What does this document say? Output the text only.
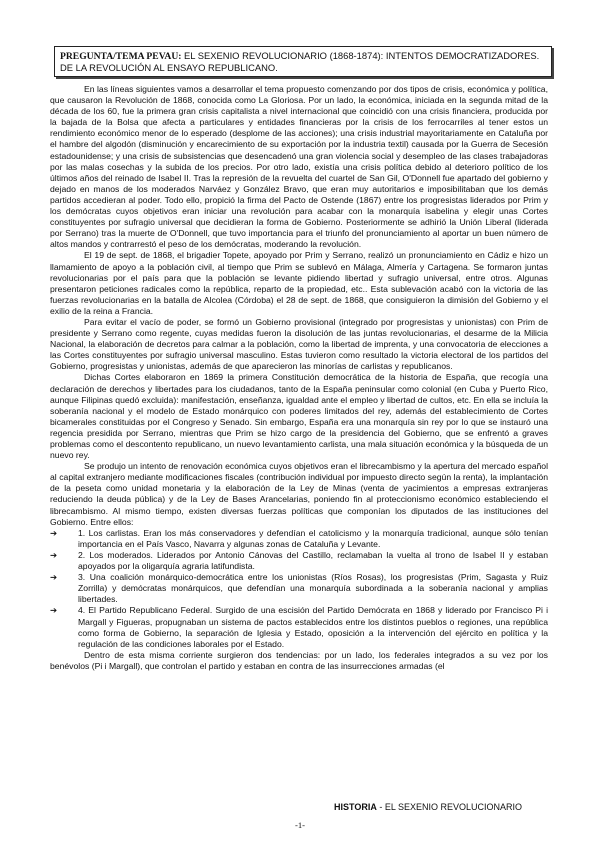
PREGUNTA/TEMA PEVAU: EL SEXENIO REVOLUCIONARIO (1868-1874): INTENTOS DEMOCRATIZADORES. DE LA REVOLUCIÓN AL ENSAYO REPUBLICANO.

En las líneas siguientes vamos a desarrollar el tema propuesto comenzando por dos tipos de crisis, económica y política, que causaron la Revolución de 1868, conocida como La Gloriosa. Por un lado, la económica, iniciada en la segunda mitad de la década de los 60, fue la primera gran crisis capitalista a nivel internacional que coincidió con una crisis financiera, producida por la bajada de la Bolsa que afecta a particulares y entidades financieras por la crisis de los ferrocarriles al tener estos un rendimiento económico menor de lo esperado (desplome de las acciones); una crisis industrial mayoritariamente en Cataluña por el hambre del algodón (disminución y encarecimiento de su exportación por la industria textil) causada por la Guerra de Secesión estadounidense; y una crisis de subsistencias que desencadenó una gran violencia social y desempleo de las clases trabajadoras por las malas cosechas y la subida de los precios. Por otro lado, existía una crisis política debido al deterioro político de los últimos años del reinado de Isabel II. Tras la represión de la revuelta del cuartel de San Gil, O'Donnell fue apartado del gobierno y dejado en manos de los moderados Narváez y González Bravo, que eran muy autoritarios e imposibilitaban que los demás partidos accedieran al poder. Todo ello, propició la firma del Pacto de Ostende (1867) entre los progresistas liderados por Prim y los demócratas cuyos objetivos eran iniciar una revolución para acabar con la monarquía isabelina y elegir unas Cortes constituyentes por sufragio universal que decidieran la forma de Gobierno. Posteriormente se adhirió la Unión Liberal (liderada por Serrano) tras la muerte de O'Donnell, que tuvo importancia para el triunfo del pronunciamiento al aportar un buen número de altos mandos y contrarrestó el peso de los demócratas, moderando la revolución.

El 19 de sept. de 1868, el brigadier Topete, apoyado por Prim y Serrano, realizó un pronunciamiento en Cádiz e hizo un llamamiento de apoyo a la población civil, al tiempo que Prim se sublevó en Málaga, Almería y Cartagena. Se formaron juntas revolucionarias por el país para que la población se levante pidiendo libertad y sufragio universal, entre otros. Algunas presentaron peticiones radicales como la república, reparto de la propiedad, etc.. Esta sublevación acabó con la victoria de las fuerzas revolucionarias en la batalla de Alcolea (Córdoba) el 28 de sept. de 1868, que consiguieron la dimisión del Gobierno y el exilio de la reina a Francia.

Para evitar el vacío de poder, se formó un Gobierno provisional (integrado por progresistas y unionistas) con Prim de presidente y Serrano como regente, cuyas medidas fueron la disolución de las juntas revolucionarias, el desarme de la Milicia Nacional, la elaboración de decretos para calmar a la población, como la libertad de imprenta, y una convocatoria de elecciones a las Cortes constituyentes por sufragio universal masculino. Estas tuvieron como resultado la victoria electoral de los partidos del Gobierno, progresistas y unionistas, además de que aparecieron las minorías de carlistas y republicanos.

Dichas Cortes elaboraron en 1869 la primera Constitución democrática de la historia de España, que recogía una declaración de derechos y libertades para los ciudadanos, tanto de la España peninsular como colonial (en Cuba y Puerto Rico, aunque Filipinas quedó excluida): manifestación, enseñanza, igualdad ante el empleo y libertad de cultos, etc. En ella se incluía la soberanía nacional y el modelo de Estado monárquico con poderes limitados del rey, además del establecimiento de Cortes bicamerales constituidas por el Congreso y Senado. Sin embargo, España era una monarquía sin rey por lo que se instauró una regencia presidida por Serrano, mientras que Prim se hizo cargo de la presidencia del Gobierno, que se enfrentó a graves problemas como el descontento republicano, un nuevo levantamiento carlista, una mala situación económica y la búsqueda de un nuevo rey.

Se produjo un intento de renovación económica cuyos objetivos eran el librecambismo y la apertura del mercado español al capital extranjero mediante modificaciones fiscales (contribución individual por impuesto directo según la renta), la implantación de la peseta como unidad monetaria y la elaboración de la Ley de Minas (venta de yacimientos a empresas extranjeras reduciendo la deuda pública) y de la Ley de Bases Arancelarias, poniendo fin al proteccionismo económico estableciendo el librecambismo. Al mismo tiempo, existen diversas fuerzas políticas que componían los diputados de las instituciones del Gobierno. Entre ellos:

➔ 1. Los carlistas. Eran los más conservadores y defendían el catolicismo y la monarquía tradicional, aunque sólo tenían importancia en el País Vasco, Navarra y algunas zonas de Cataluña y Levante.
➔ 2. Los moderados. Liderados por Antonio Cánovas del Castillo, reclamaban la vuelta al trono de Isabel II y estaban apoyados por la oligarquía agraria latifundista.
➔ 3. Una coalición monárquico-democrática entre los unionistas (Ríos Rosas), los progresistas (Prim, Sagasta y Ruiz Zorrilla) y demócratas monárquicos, que defendían una monarquía subordinada a la soberanía nacional y amplias libertades.
➔ 4. El Partido Republicano Federal. Surgido de una escisión del Partido Demócrata en 1868 y liderado por Francisco Pi i Margall y Figueras, propugnaban un sistema de pactos establecidos entre los distintos pueblos o regiones, una república como forma de Gobierno, la separación de Iglesia y Estado, oposición a la intervención del ejército en política y la regulación de las condiciones laborales por el Estado.

Dentro de esta misma corriente surgieron dos tendencias: por un lado, los federales integrados a su vez por los benévolos (Pi i Margall), que controlan el partido y estaban en contra de las insurrecciones armadas (el

HISTORIA - EL SEXENIO REVOLUCIONARIO
-1-
